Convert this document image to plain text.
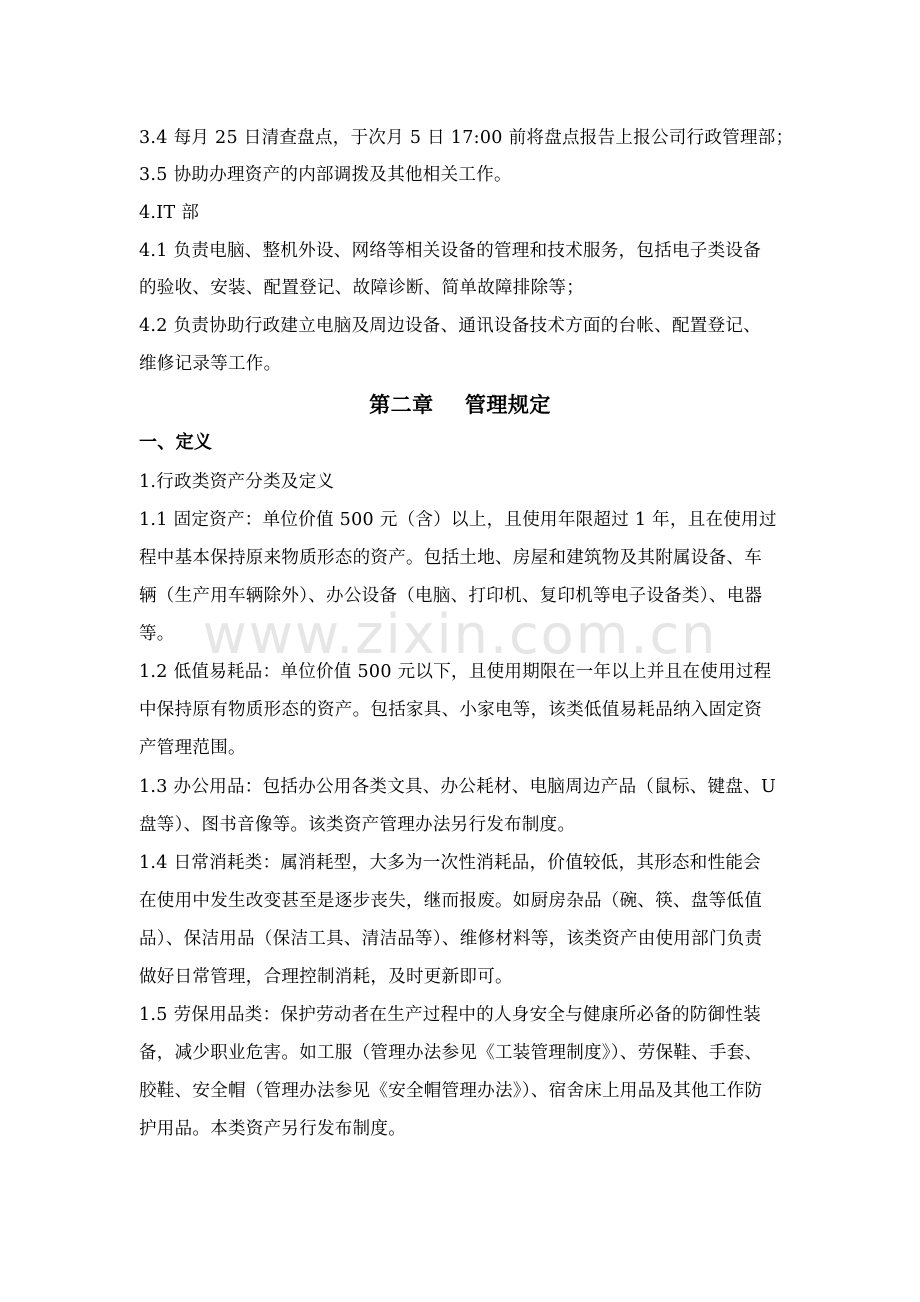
www.zixin.com.cn
3.4 每月 25 日清查盘点，于次月 5 日 17:00 前将盘点报告上报公司行政管理部；
3.5 协助办理资产的内部调拨及其他相关工作。
4.IT 部
4.1 负责电脑、整机外设、网络等相关设备的管理和技术服务，包括电子类设备
的验收、安装、配置登记、故障诊断、简单故障排除等；
4.2 负责协助行政建立电脑及周边设备、通讯设备技术方面的台帐、配置登记、
维修记录等工作。
第二章    管理规定
一、定义
1.行政类资产分类及定义
1.1 固定资产：单位价值 500 元（含）以上，且使用年限超过 1 年，且在使用过
程中基本保持原来物质形态的资产。包括土地、房屋和建筑物及其附属设备、车
辆（生产用车辆除外）、办公设备（电脑、打印机、复印机等电子设备类）、电器
等。
1.2 低值易耗品：单位价值 500 元以下，且使用期限在一年以上并且在使用过程
中保持原有物质形态的资产。包括家具、小家电等，该类低值易耗品纳入固定资
产管理范围。
1.3 办公用品：包括办公用各类文具、办公耗材、电脑周边产品（鼠标、键盘、U
盘等）、图书音像等。该类资产管理办法另行发布制度。
1.4 日常消耗类：属消耗型，大多为一次性消耗品，价值较低，其形态和性能会
在使用中发生改变甚至是逐步丧失，继而报废。如厨房杂品（碗、筷、盘等低值
品）、保洁用品（保洁工具、清洁品等）、维修材料等，该类资产由使用部门负责
做好日常管理，合理控制消耗，及时更新即可。
1.5 劳保用品类：保护劳动者在生产过程中的人身安全与健康所必备的防御性装
备，减少职业危害。如工服（管理办法参见《工装管理制度》）、劳保鞋、手套、
胶鞋、安全帽（管理办法参见《安全帽管理办法》）、宿舍床上用品及其他工作防
护用品。本类资产另行发布制度。
